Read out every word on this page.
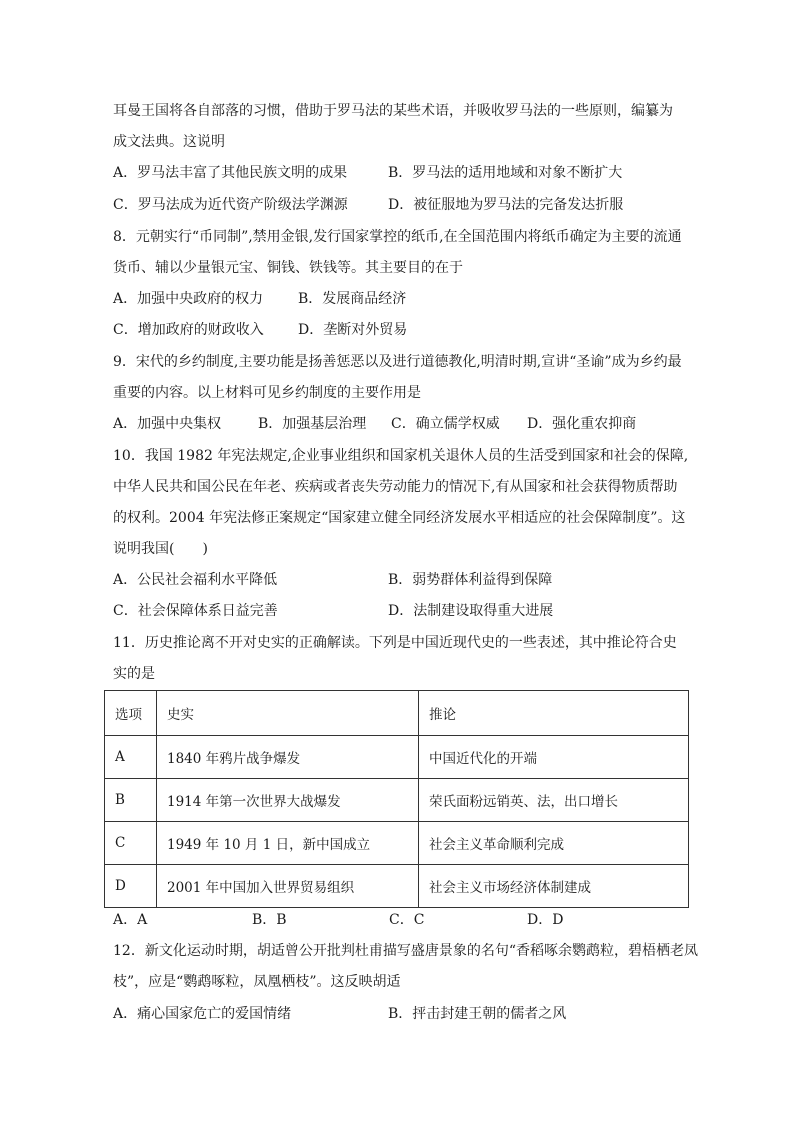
耳曼王国将各自部落的习惯，借助于罗马法的某些术语，并吸收罗马法的一些原则，编纂为
成文法典。这说明
A．罗马法丰富了其他民族文明的成果	B．罗马法的适用地域和对象不断扩大
C．罗马法成为近代资产阶级法学渊源	D．被征服地为罗马法的完备发达折服
8．元朝实行“币同制”,禁用金银,发行国家掌控的纸币,在全国范围内将纸币确定为主要的流通
货币、辅以少量银元宝、铜钱、铁钱等。其主要目的在于
A．加强中央政府的权力 B．发展商品经济
C．增加政府的财政收入 D．垄断对外贸易
9．宋代的乡约制度,主要功能是扬善惩恶以及进行道德教化,明清时期,宣讲“圣谕”成为乡约最
重要的内容。以上材料可见乡约制度的主要作用是
A．加强中央集权	B．加强基层治理 C．确立儒学权威 D．强化重农抑商
10．我国 1982 年宪法规定,企业事业组织和国家机关退休人员的生活受到国家和社会的保障,
中华人民共和国公民在年老、疾病或者丧失劳动能力的情况下,有从国家和社会获得物质帮助
的权利。2004 年宪法修正案规定“国家建立健全同经济发展水平相适应的社会保障制度”。这
说明我国(　　)
A．公民社会福利水平降低	B．弱势群体利益得到保障
C．社会保障体系日益完善	D．法制建设取得重大进展
11．历史推论离不开对史实的正确解读。下列是中国近现代史的一些表述，其中推论符合史
实的是
选项	史实	推论
A	1840 年鸦片战争爆发	中国近代化的开端
B	1914 年第一次世界大战爆发	荣氏面粉远销英、法，出口增长
C	1949 年 10 月 1 日，新中国成立	社会主义革命顺利完成
D	2001 年中国加入世界贸易组织	社会主义市场经济体制建成
A．A	B．B	C．C	D．D
12．新文化运动时期，胡适曾公开批判杜甫描写盛唐景象的名句“香稻啄余鹦鹉粒，碧梧栖老凤
枝”，应是“鹦鹉啄粒，凤凰栖枝”。这反映胡适
A．痛心国家危亡的爱国情绪	B．抨击封建王朝的儒者之风
